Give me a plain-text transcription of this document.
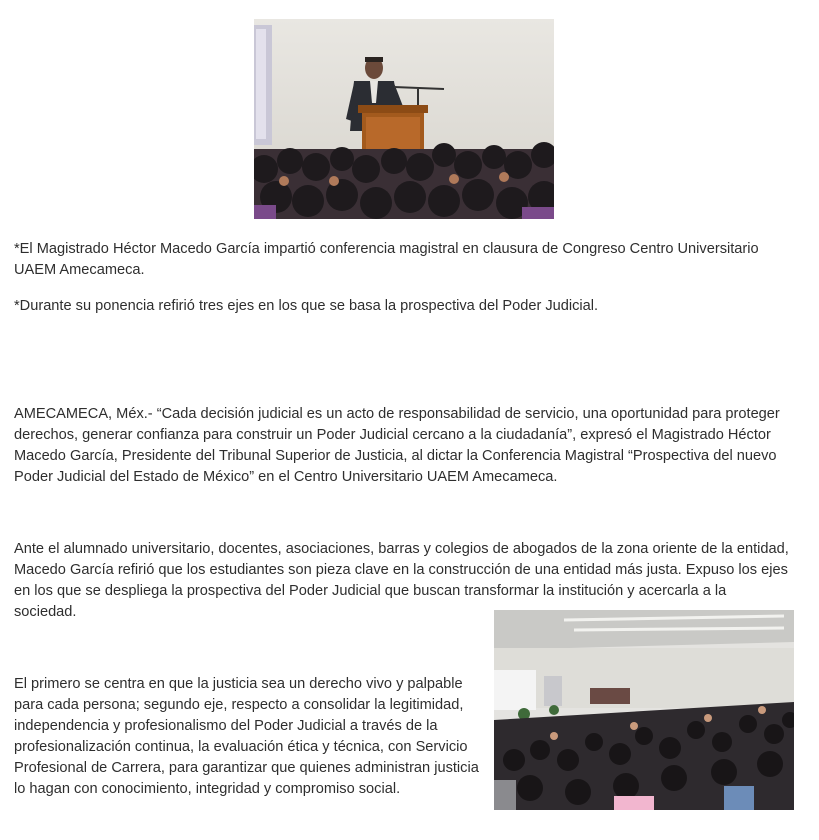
*El Magistrado Héctor Macedo García impartió conferencia magistral en clausura de Congreso Centro Universitario UAEM Amecameca.

*Durante su ponencia refirió tres ejes en los que se basa la prospectiva del Poder Judicial.

AMECAMECA, Méx.- “Cada decisión judicial es un acto de responsabilidad de servicio, una oportunidad para proteger derechos, generar confianza para construir un Poder Judicial cercano a la ciudadanía”, expresó el Magistrado Héctor Macedo García, Presidente del Tribunal Superior de Justicia, al dictar la Conferencia Magistral “Prospectiva del nuevo Poder Judicial del Estado de México” en el Centro Universitario UAEM Amecameca.

Ante el alumnado universitario, docentes, asociaciones, barras y colegios de abogados de la zona oriente de la entidad, Macedo García refirió que los estudiantes son pieza clave en la construcción de una entidad más justa. Expuso los ejes en los que se despliega la prospectiva del Poder Judicial que buscan transformar la institución y acercarla a la sociedad.

El primero se centra en que la justicia sea un derecho vivo y palpable para cada persona; segundo eje, respecto a consolidar la legitimidad, independencia y profesionalismo del Poder Judicial a través de la profesionalización continua, la evaluación ética y técnica, con Servicio Profesional de Carrera, para garantizar que quienes administran justicia lo hagan con conocimiento, integridad y compromiso social.
